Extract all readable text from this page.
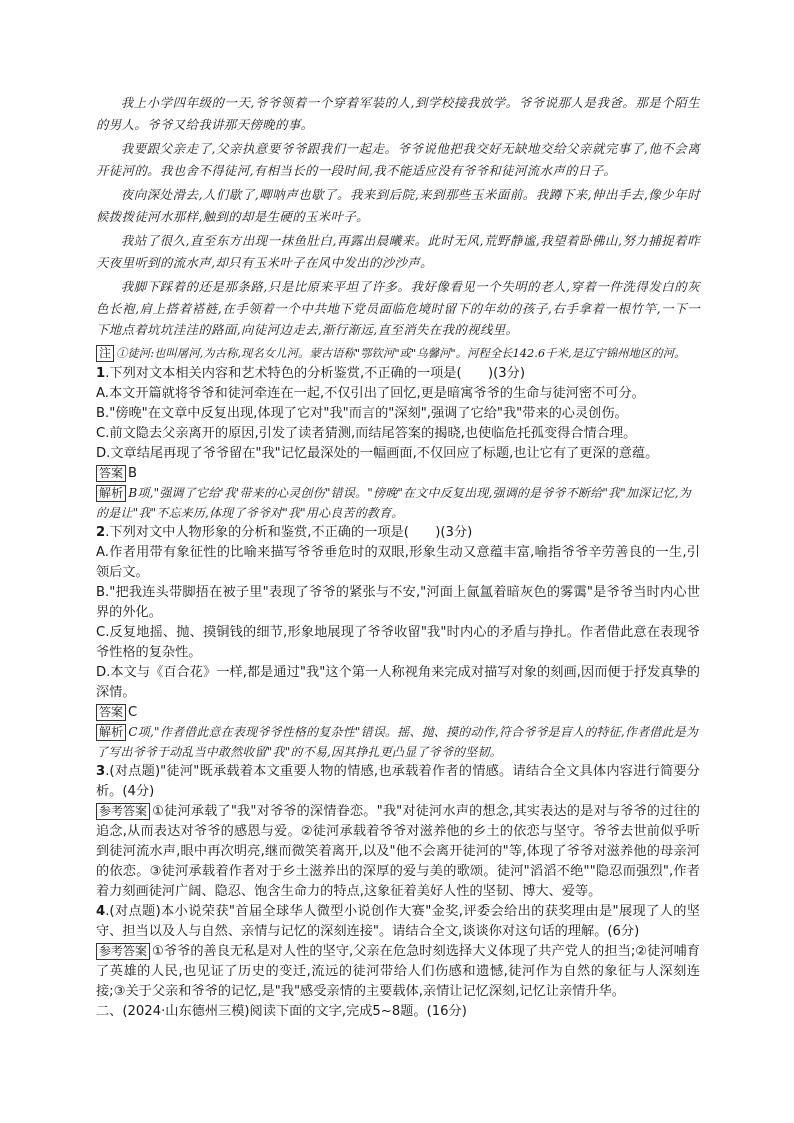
我上小学四年级的一天,爷爷领着一个穿着军装的人,到学校接我放学。爷爷说那人是我爸。那是个陌生的男人。爷爷又给我讲那天傍晚的事。

我要跟父亲走了,父亲执意要爷爷跟我们一起走。爷爷说他把我交好无缺地交给父亲就完事了,他不会离开徒河的。我也舍不得徒河,有相当长的一段时间,我不能适应没有爷爷和徒河流水声的日子。

夜向深处滑去,人们歇了,唧呐声也歇了。我来到后院,来到那些玉米面前。我蹲下来,伸出手去,像少年时候拨拨徒河水那样,触到的却是生硬的玉米叶子。

我站了很久,直至东方出现一抹鱼肚白,再露出晨曦来。此时无风,荒野静谧,我望着卧佛山,努力捕捉着昨天夜里听到的流水声,却只有玉米叶子在风中发出的沙沙声。

我脚下踩着的还是那条路,只是比原来平坦了许多。我好像看见一个失明的老人,穿着一件洗得发白的灰色长袍,肩上搭着褡裢,在手领着一个中共地下党员面临危境时留下的年幼的孩子,右手拿着一根竹竿,一下一下地点着坑坑洼洼的路面,向徒河边走去,渐行渐远,直至消失在我的视线里。

注 ①徒河:也叫屠河,为古称,现名女儿河。蒙古语称"鄂钦河"或"乌馨河"。河程全长142.6千米,是辽宁锦州地区的河。

1.下列对文本相关内容和艺术特色的分析鉴赏,不正确的一项是(　　)(3分)

A.本文开篇就将爷爷和徒河牵连在一起,不仅引出了回忆,更是暗寓爷爷的生命与徒河密不可分。

B."傍晚"在文章中反复出现,体现了它对"我"而言的"深刻",强调了它给"我"带来的心灵创伤。

C.前文隐去父亲离开的原因,引发了读者猜测,而结尾答案的揭晓,也使临危托孤变得合情合理。

D.文章结尾再现了爷爷留在"我"记忆最深处的一幅画面,不仅回应了标题,也让它有了更深的意蕴。

答案 B

解析 B项,"强调了它给'我'带来的心灵创伤"错误。"傍晚"在文中反复出现,强调的是爷爷不断给"我"加深记忆,为的是让"我"不忘来历,体现了爷爷对"我"用心良苦的教育。

2.下列对文中人物形象的分析和鉴赏,不正确的一项是(　　)(3分)

A.作者用带有象征性的比喻来描写爷爷垂危时的双眼,形象生动又意蕴丰富,喻指爷爷辛劳善良的一生,引领后文。

B."把我连头带脚捂在被子里"表现了爷爷的紧张与不安,"河面上氤氲着暗灰色的雾霭"是爷爷当时内心世界的外化。

C.反复地摇、抛、摸铜钱的细节,形象地展现了爷爷收留"我"时内心的矛盾与挣扎。作者借此意在表现爷爷性格的复杂性。

D.本文与《百合花》一样,都是通过"我"这个第一人称视角来完成对描写对象的刻画,因而便于抒发真挚的深情。

答案 C

解析 C项,"作者借此意在表现爷爷性格的复杂性"错误。摇、抛、摸的动作,符合爷爷是盲人的特征,作者借此是为了写出爷爷于动乱当中敢然收留"我"的不易,因其挣扎更凸显了爷爷的坚韧。

3.(对点题)"徒河"既承载着本文重要人物的情感,也承载着作者的情感。请结合全文具体内容进行简要分析。(4分)

参考答案 ①徒河承载了"我"对爷爷的深情眷恋。"我"对徒河水声的想念,其实表达的是对与爷爷的过往的追念,从而表达对爷爷的感恩与爱。②徒河承载着爷爷对滋养他的乡土的依恋与坚守。爷爷去世前似乎听到徒河流水声,眼中再次明亮,继而微笑着离开,以及"他不会离开徒河的"等,体现了爷爷对滋养他的母亲河的依恋。③徒河承载着作者对于乡土滋养出的深厚的爱与美的歌颂。徒河"滔滔不绝""隐忍而强烈",作者着力刻画徒河广阔、隐忍、饱含生命力的特点,这象征着美好人性的坚韧、博大、爱等。

4.(对点题)本小说荣获"首届全球华人微型小说创作大赛"金奖,评委会给出的获奖理由是"展现了人的坚守、担当以及人与自然、亲情与记忆的深刻连接"。请结合全文,谈谈你对这句话的理解。(6分)

参考答案 ①爷爷的善良无私是对人性的坚守,父亲在危急时刻选择大义体现了共产党人的担当;②徒河哺育了英雄的人民,也见证了历史的变迁,流远的徒河带给人们伤感和遗憾,徒河作为自然的象征与人深刻连接;③关于父亲和爷爷的记忆,是"我"感受亲情的主要载体,亲情让记忆深刻,记忆让亲情升华。

二、(2024·山东德州三模)阅读下面的文字,完成5~8题。(16分)
